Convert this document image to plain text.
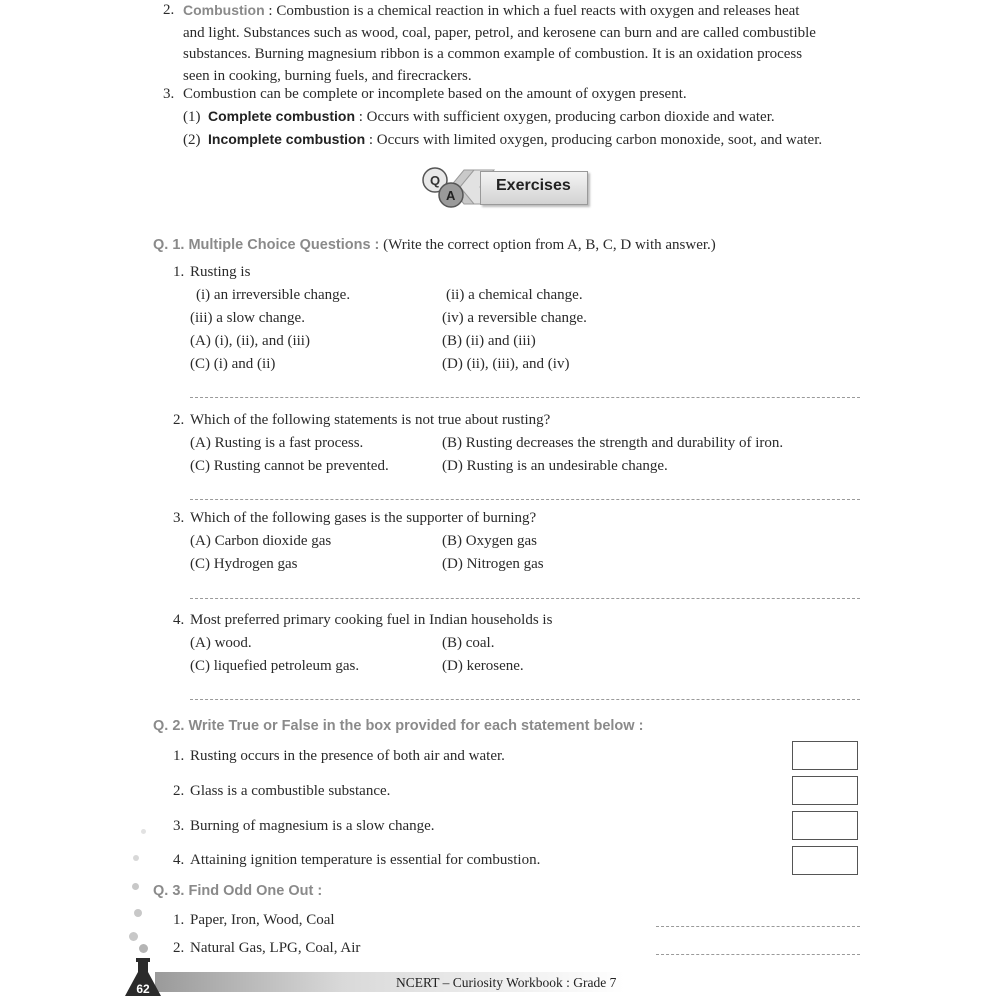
2. Combustion : Combustion is a chemical reaction in which a fuel reacts with oxygen and releases heat
and light. Substances such as wood, coal, paper, petrol, and kerosene can burn and are called combustible
substances. Burning magnesium ribbon is a common example of combustion. It is an oxidation process
seen in cooking, burning fuels, and firecrackers.
3. Combustion can be complete or incomplete based on the amount of oxygen present.
(1) Complete combustion : Occurs with sufficient oxygen, producing carbon dioxide and water.
(2) Incomplete combustion : Occurs with limited oxygen, producing carbon monoxide, soot, and water.
Q
A
Exercises
Q. 1. Multiple Choice Questions : (Write the correct option from A, B, C, D with answer.)
1. Rusting is
(i) an irreversible change.	(ii) a chemical change.
(iii) a slow change.	(iv) a reversible change.
(A) (i), (ii), and (iii)	(B) (ii) and (iii)
(C) (i) and (ii)	(D) (ii), (iii), and (iv)
2. Which of the following statements is not true about rusting?
(A) Rusting is a fast process.	(B) Rusting decreases the strength and durability of iron.
(C) Rusting cannot be prevented.	(D) Rusting is an undesirable change.
3. Which of the following gases is the supporter of burning?
(A) Carbon dioxide gas	(B) Oxygen gas
(C) Hydrogen gas	(D) Nitrogen gas
4. Most preferred primary cooking fuel in Indian households is
(A) wood.	(B) coal.
(C) liquefied petroleum gas.	(D) kerosene.
Q. 2. Write True or False in the box provided for each statement below :
1. Rusting occurs in the presence of both air and water.
2. Glass is a combustible substance.
3. Burning of magnesium is a slow change.
4. Attaining ignition temperature is essential for combustion.
Q. 3. Find Odd One Out :
1. Paper, Iron, Wood, Coal
2. Natural Gas, LPG, Coal, Air
62	NCERT – Curiosity Workbook : Grade 7
